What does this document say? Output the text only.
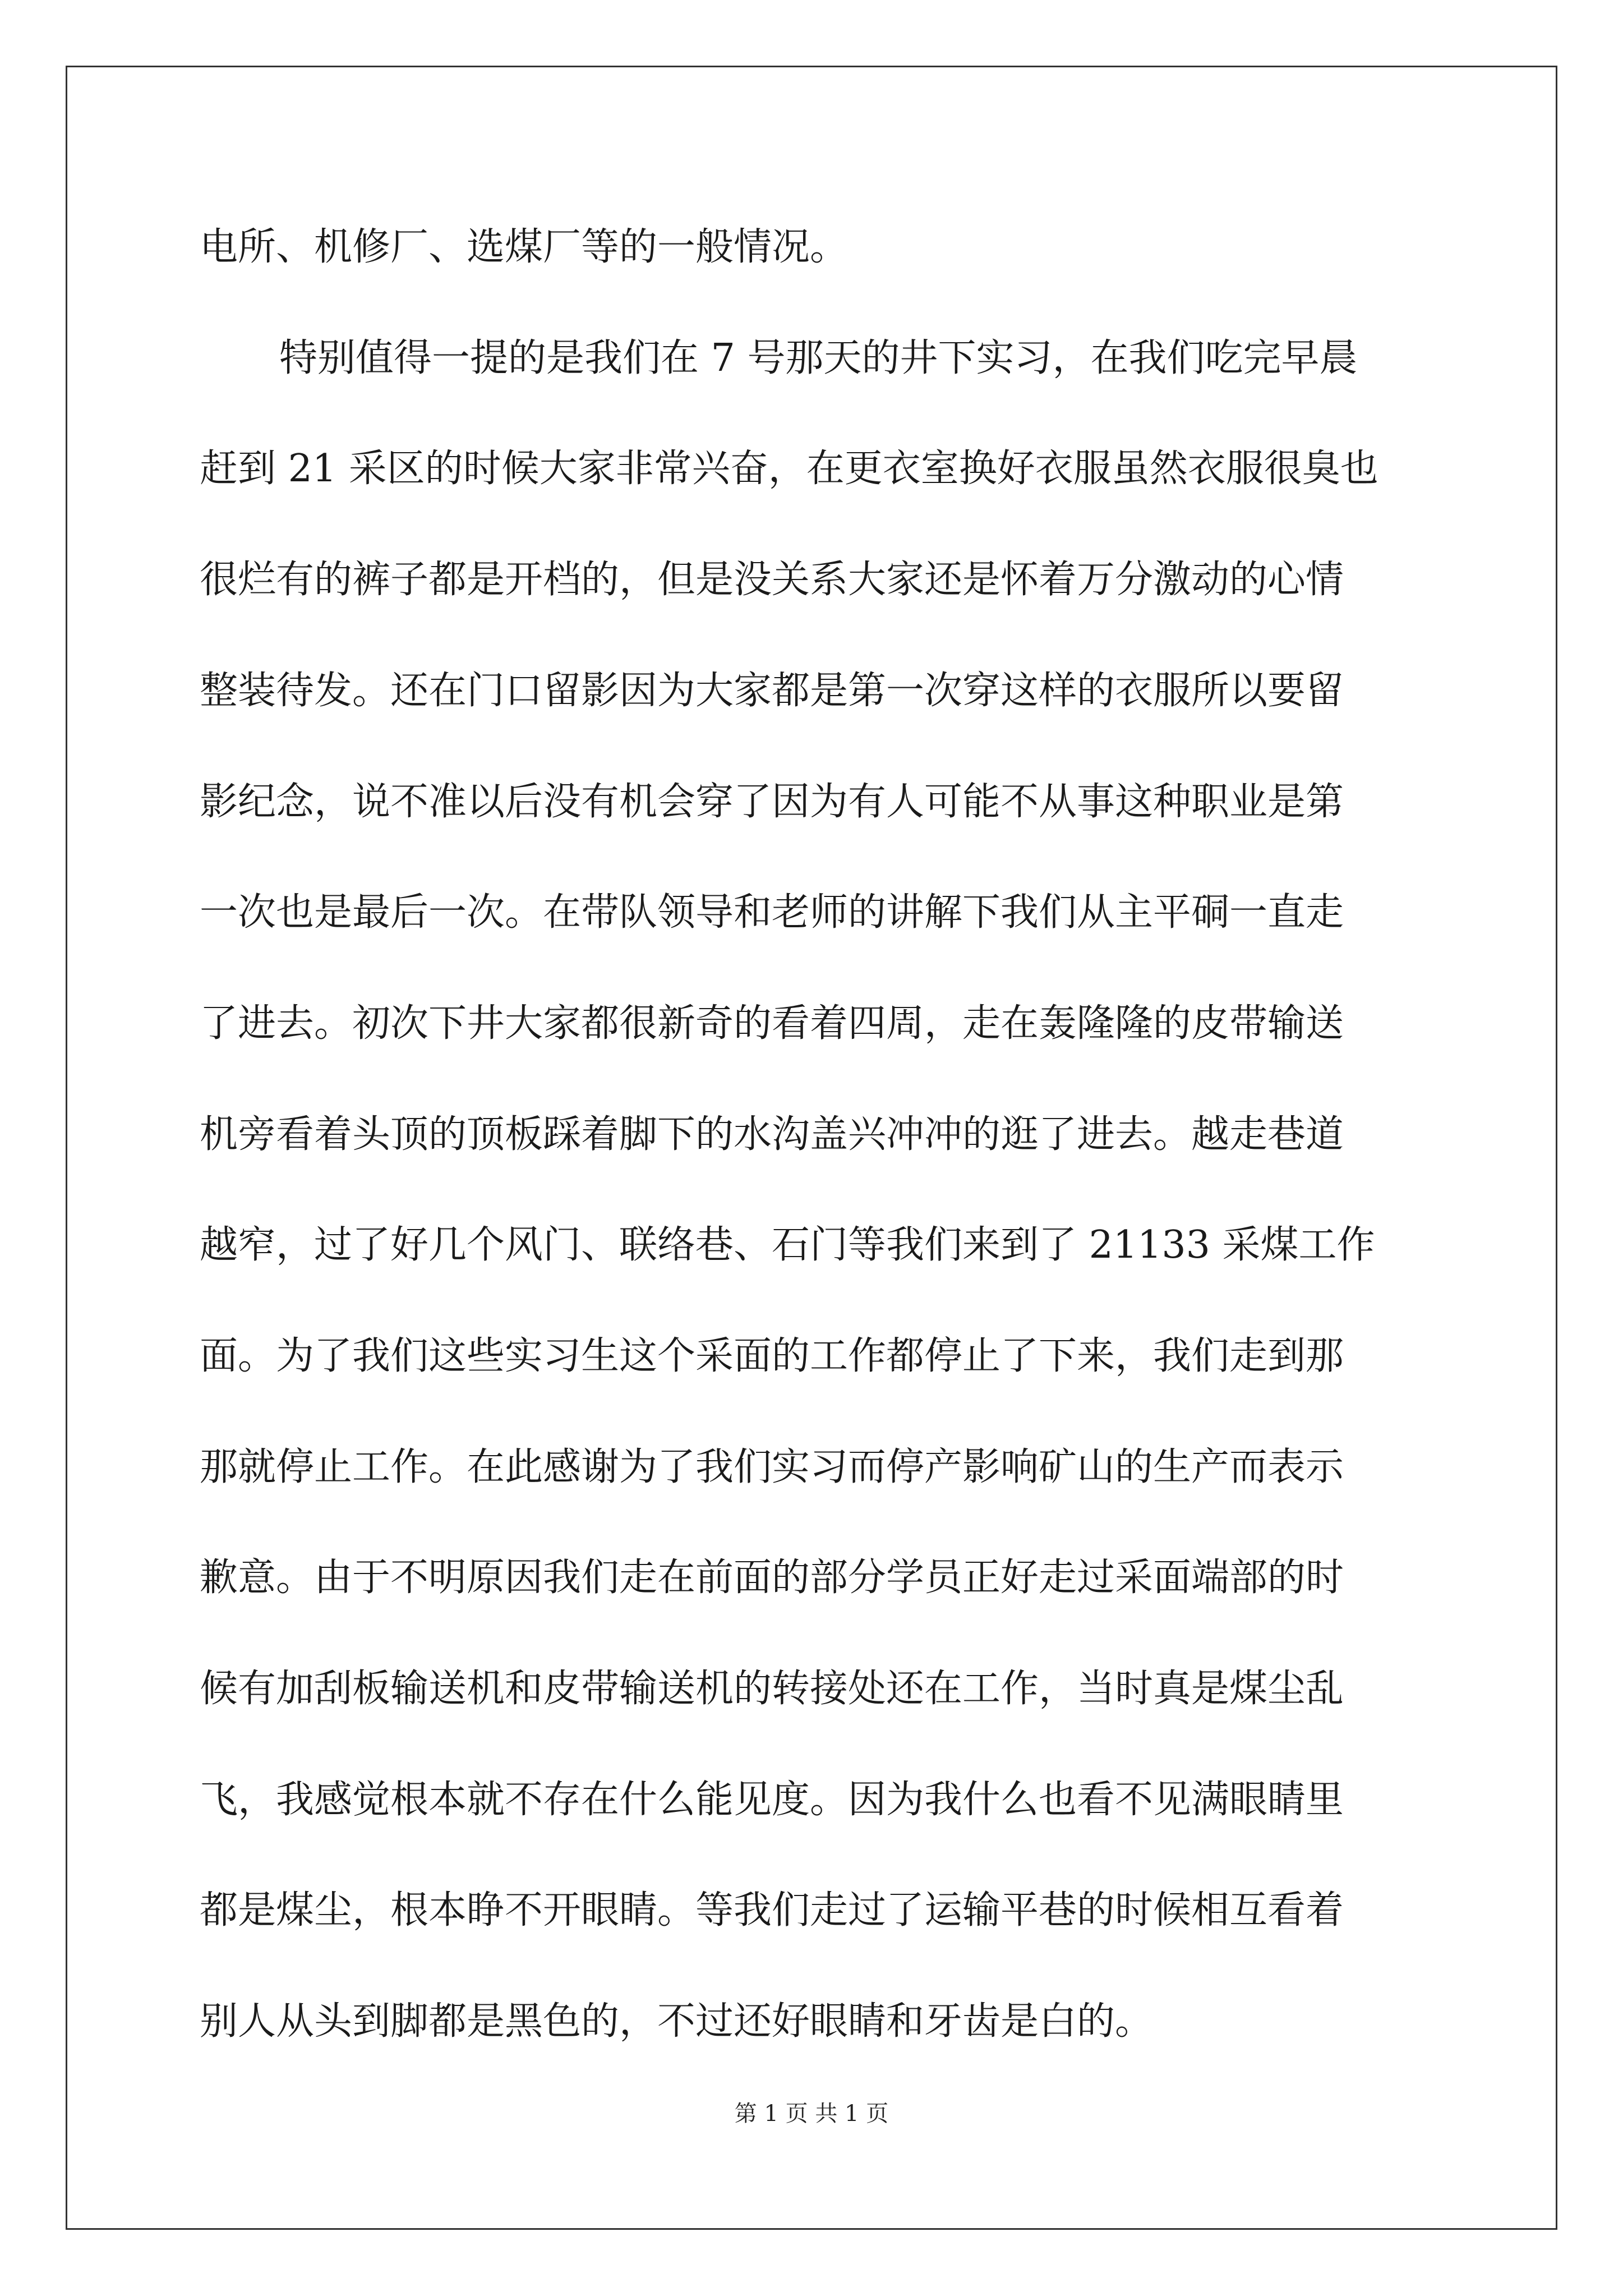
电所、机修厂、选煤厂等的一般情况。
特别值得一提的是我们在 7 号那天的井下实习，在我们吃完早晨
赶到 21 采区的时候大家非常兴奋，在更衣室换好衣服虽然衣服很臭也
很烂有的裤子都是开档的，但是没关系大家还是怀着万分激动的心情
整装待发。还在门口留影因为大家都是第一次穿这样的衣服所以要留
影纪念，说不准以后没有机会穿了因为有人可能不从事这种职业是第
一次也是最后一次。在带队领导和老师的讲解下我们从主平硐一直走
了进去。初次下井大家都很新奇的看着四周，走在轰隆隆的皮带输送
机旁看着头顶的顶板踩着脚下的水沟盖兴冲冲的逛了进去。越走巷道
越窄，过了好几个风门、联络巷、石门等我们来到了 21133 采煤工作
面。为了我们这些实习生这个采面的工作都停止了下来，我们走到那
那就停止工作。在此感谢为了我们实习而停产影响矿山的生产而表示
歉意。由于不明原因我们走在前面的部分学员正好走过采面端部的时
候有加刮板输送机和皮带输送机的转接处还在工作，当时真是煤尘乱
飞，我感觉根本就不存在什么能见度。因为我什么也看不见满眼睛里
都是煤尘，根本睁不开眼睛。等我们走过了运输平巷的时候相互看着
别人从头到脚都是黑色的，不过还好眼睛和牙齿是白的。
第 1 页 共 1 页
